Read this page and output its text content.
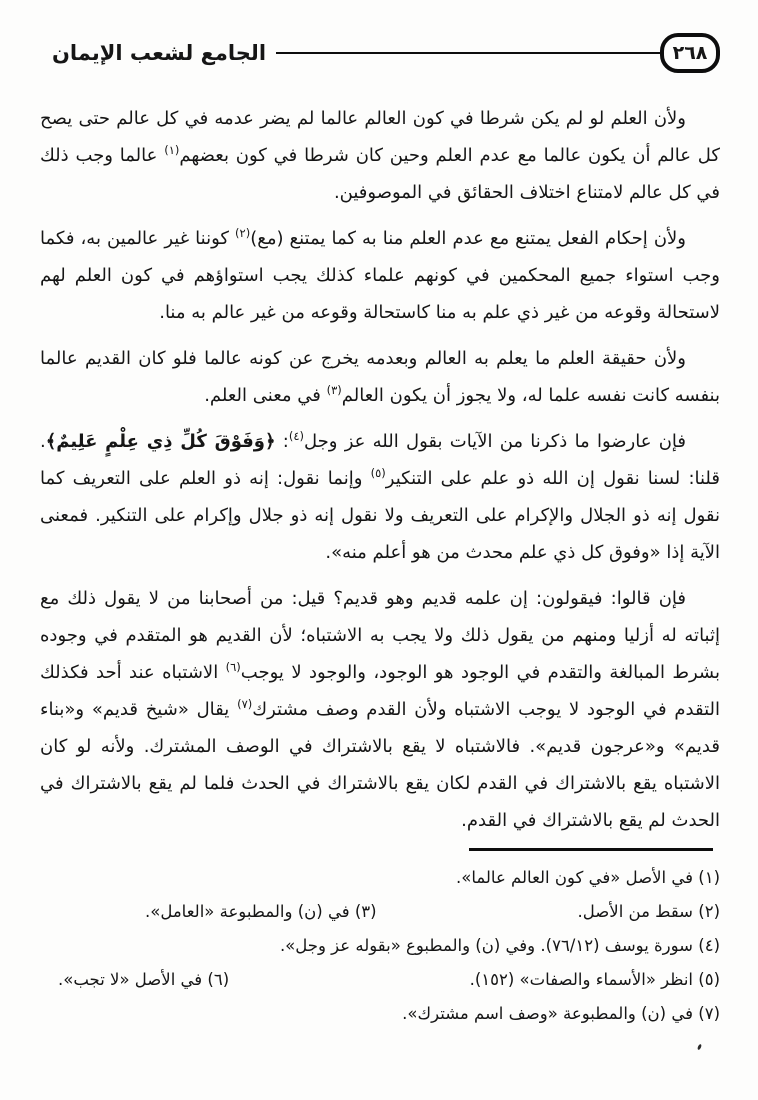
٢٦٨
الجامع لشعب الإيمان

ولأن العلم لو لم يكن شرطا في كون العالم عالما لم يضر عدمه في كل عالم حتى يصح كل عالم أن يكون عالما مع عدم العلم وحين كان شرطا في كون بعضهم$^{(١)}$ عالما وجب ذلك في كل عالم لامتناع اختلاف الحقائق في الموصوفين.

ولأن إحكام الفعل يمتنع مع عدم العلم منا به كما يمتنع (مع)$^{(٢)}$ كوننا غير عالمين به، فكما وجب استواء جميع المحكمين في كونهم علماء كذلك يجب استواؤهم في كون العلم لهم لاستحالة وقوعه من غير ذي علم به منا كاستحالة وقوعه من غير عالم به منا.

ولأن حقيقة العلم ما يعلم به العالم وبعدمه يخرج عن كونه عالما فلو كان القديم عالما بنفسه كانت نفسه علما له، ولا يجوز أن يكون العالم$^{(٣)}$ في معنى العلم.

فإن عارضوا ما ذكرنا من الآيات بقول الله عز وجل$^{(٤)}$: ﴿وَفَوْقَ كُلِّ ذِي عِلْمٍ عَلِيمٌ﴾. قلنا: لسنا نقول إن الله ذو علم على التنكير$^{(٥)}$ وإنما نقول: إنه ذو العلم على التعريف كما نقول إنه ذو الجلال والإكرام على التعريف ولا نقول إنه ذو جلال وإكرام على التنكير. فمعنى الآية إذا «وفوق كل ذي علم محدث من هو أعلم منه».

فإن قالوا: فيقولون: إن علمه قديم وهو قديم؟ قيل: من أصحابنا من لا يقول ذلك مع إثباته له أزليا ومنهم من يقول ذلك ولا يجب به الاشتباه؛ لأن القديم هو المتقدم في وجوده بشرط المبالغة والتقدم في الوجود هو الوجود، والوجود لا يوجب$^{(٦)}$ الاشتباه عند أحد فكذلك التقدم في الوجود لا يوجب الاشتباه ولأن القدم وصف مشترك$^{(٧)}$ يقال «شيخ قديم» و«بناء قديم» و«عرجون قديم». فالاشتباه لا يقع بالاشتراك في الوصف المشترك. ولأنه لو كان الاشتباه يقع بالاشتراك في القدم لكان يقع بالاشتراك في الحدث فلما لم يقع بالاشتراك في الحدث لم يقع بالاشتراك في القدم.

(١) في الأصل «في كون العالم عالما».
(٢) سقط من الأصل.
(٣) في (ن) والمطبوعة «العامل».
(٤) سورة يوسف (٧٦/١٢). وفي (ن) والمطبوع «بقوله عز وجل».
(٥) انظر «الأسماء والصفات» (١٥٢).
(٦) في الأصل «لا تجب».
(٧) في (ن) والمطبوعة «وصف اسم مشترك».
